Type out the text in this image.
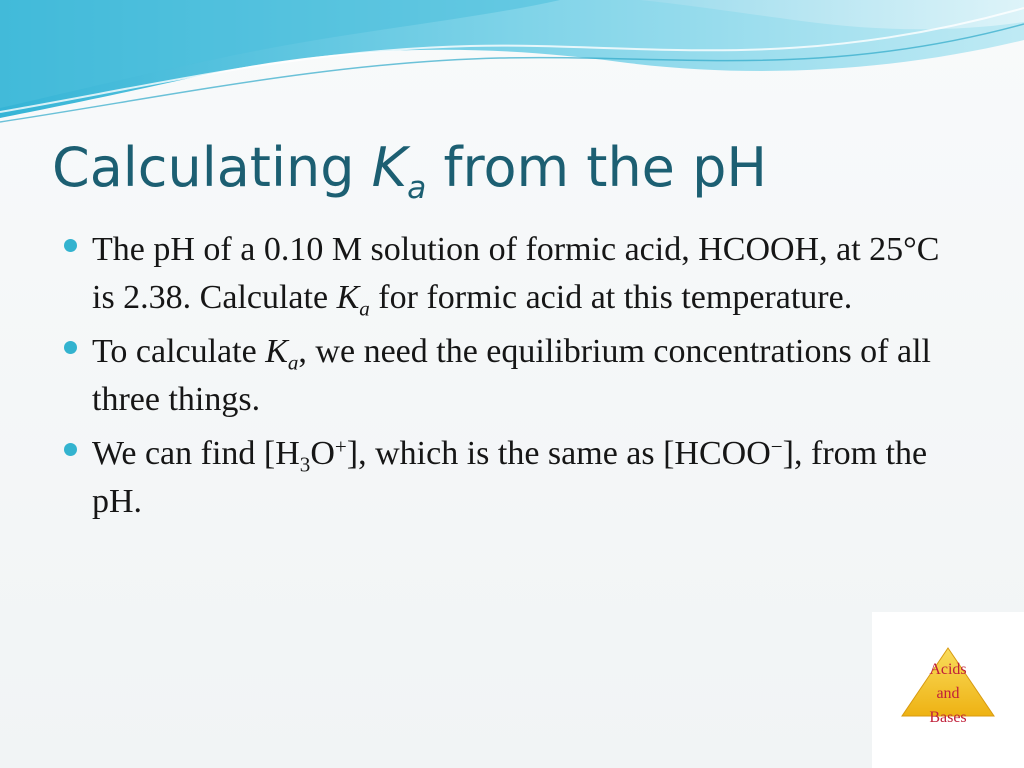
Calculating $K_a$ from the pH
The pH of a 0.10 M solution of formic acid, HCOOH, at 25°C is 2.38. Calculate $K_a$ for formic acid at this temperature.
To calculate $K_a$, we need the equilibrium concentrations of all three things.
We can find $[H_3O^+]$, which is the same as [HCOO−], from the pH.
Acids
and
Bases
